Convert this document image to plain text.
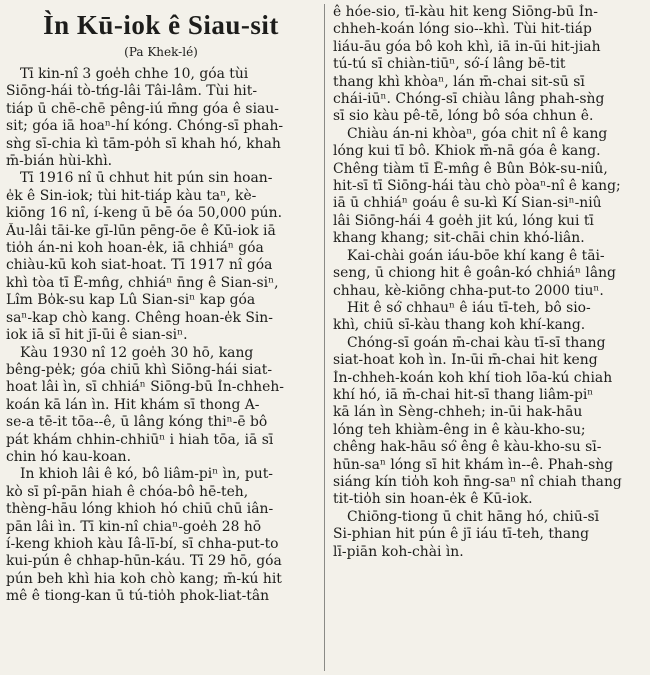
Ìn Kū-iok ê Siau-sit
(Pa Khek-lé)
Tī kin-nî 3 goe̍h chhe 10, góa tùi
Siōng-hái tò-tńg-lâi Tâi-lâm. Tùi hit-
tiáp ū chē-chē pêng-iú m̄ng góa ê siau-
sit; góa iā hoaⁿ-hí kóng. Chóng-sī phah-
sǹg sī-chia kì tām-po̍h sī khah hó, khah
m̄-bián hùi-khì.
Tī 1916 nî ū chhut hit pún sin hoan-
e̍k ê Sin-iok; tùi hit-tiáp kàu taⁿ, kè-
kiōng 16 nî, í-keng ū bē óa 50,000 pún.
Āu-lâi tāi-ke gī-lūn pēng-ōe ê Kū-iok iā
tio̍h án-ni koh hoan-e̍k, iā chhiáⁿ góa
chiàu-kū koh siat-hoat. Tī 1917 nî góa
khì tòa tī Ē-mn̂g, chhiáⁿ n̄ng ê Sian-siⁿ,
Lîm Bo̍k-su kap Lû Sian-siⁿ kap góa
saⁿ-kap chò kang. Chêng hoan-e̍k Sin-
iok iā sī hit jī-ūi ê sian-siⁿ.
Kàu 1930 nî 12 goe̍h 30 hō, kang
bêng-pe̍k; góa chiū khì Siōng-hái siat-
hoat lâi ìn, sī chhiáⁿ Siōng-bū Ìn-chheh-
koán kā lán ìn. Hit khám sī thong A-
se-a tē-it tōa--ê, ū lâng kóng thiⁿ-ē bô
pát khám chhin-chhiūⁿ i hiah tōa, iā sī
chin hó kau-koan.
In khioh lâi ê kó, bô liâm-piⁿ ìn, put-
kò sī pî-pān hiah ê chóa-bô hē-teh,
thèng-hāu lóng khioh hó chiū chū iân-
pān lâi ìn. Tī kin-nî chiaⁿ-goe̍h 28 hō
í-keng khioh kàu Iâ-lī-bí, sī chha-put-to
kui-pún ê chhap-hūn-káu. Tī 29 hō, góa
pún beh khì hia koh chò kang; m̄-kú hit
mê ê tiong-kan ū tú-tio̍h phok-liat-tân
ê hóe-sio, tī-kàu hit keng Siōng-bū Ìn-
chheh-koán lóng sio--khì. Tùi hit-tiáp
liáu-āu góa bô koh khì, iā in-ūi hit-jiah
tú-tú sī chiàn-tiūⁿ, só͘-í lâng bē-tit
thang khì khòaⁿ, lán m̄-chai sit-sū sī
chái-iūⁿ. Chóng-sī chiàu lâng phah-sǹg
sī sio kàu pê-tē, lóng bô sóa chhun ê.
Chiàu án-ni khòaⁿ, góa chit nî ê kang
lóng kui tī bô. Khiok m̄-nā góa ê kang.
Chêng tiàm tī Ē-mn̂g ê Bûn Bo̍k-su-niû,
hit-sī tī Siōng-hái tàu chò pòaⁿ-nî ê kang;
iā ū chhiáⁿ goáu ê su-kì Kí Sian-siⁿ-niû
lâi Siōng-hái 4 goe̍h jit kú, lóng kui tī
khang khang; sit-chāi chin khó-liân.
Kai-chài goán iáu-bōe khí kang ê tāi-
seng, ū chiong hit ê goân-kó chhiáⁿ lâng
chhau, kè-kiōng chha-put-to 2000 tiuⁿ.
Hit ê só͘ chhauⁿ ê iáu tī-teh, bô sio-
khì, chiū sī-kàu thang koh khí-kang.
Chóng-sī goán m̄-chai kàu tī-sī thang
siat-hoat koh ìn. In-ūi m̄-chai hit keng
Ìn-chheh-koán koh khí tioh lōa-kú chiah
khí hó, iā m̄-chai hit-sī thang liâm-piⁿ
kā lán ìn Sèng-chheh; in-ūi hak-hāu
lóng teh khiàm-êng in ê kàu-kho-su;
chêng hak-hāu só͘ êng ê kàu-kho-su sī-
hūn-saⁿ lóng sī hit khám ìn--ê. Phah-sǹg
siáng kín tio̍h koh n̄ng-saⁿ nî chiah thang
tit-tio̍h sin hoan-e̍k ê Kū-iok.
Chiōng-tiong ū chit hāng hó, chiū-sī
Si-phian hit pún ê jī iáu tī-teh, thang
lī-piān koh-chài ìn.
